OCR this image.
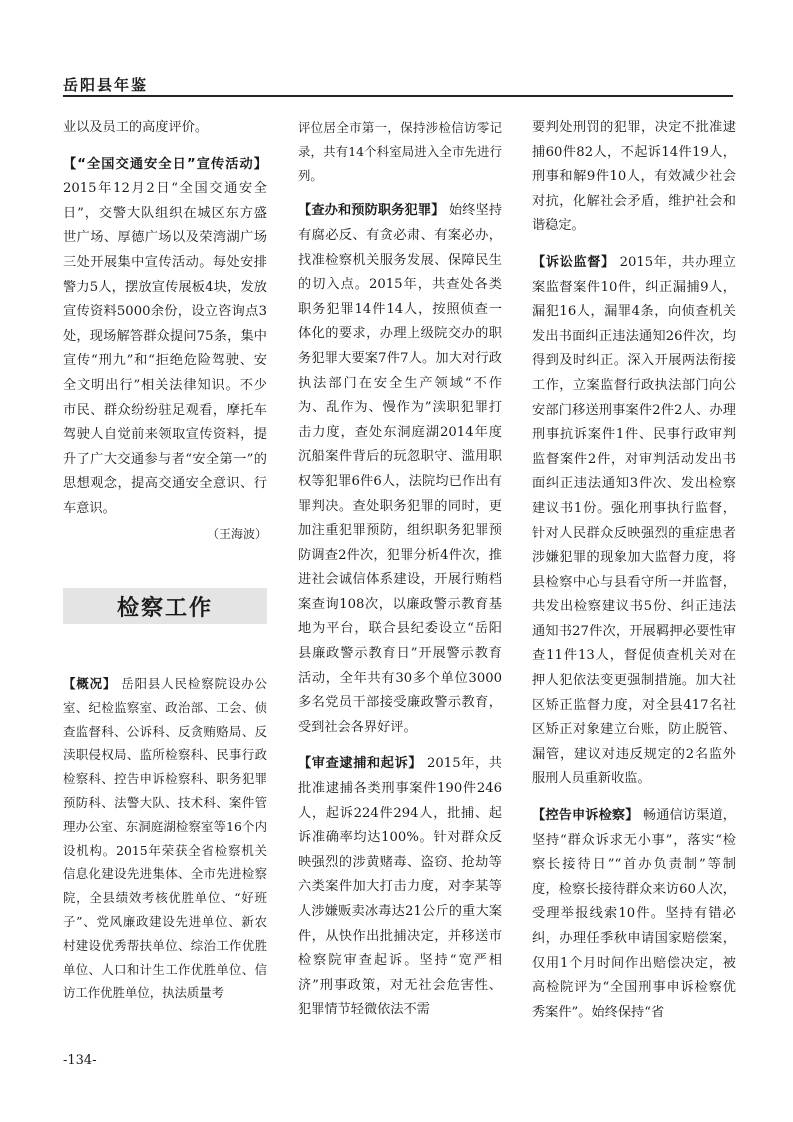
岳阳县年鉴

业以及员工的高度评价。

【“全国交通安全日”宣传活动】 2015年12月2日“全国交通安全日”，交警大队组织在城区东方盛世广场、厚德广场以及荣湾湖广场三处开展集中宣传活动。每处安排警力5人，摆放宣传展板4块，发放宣传资料5000余份，设立咨询点3处，现场解答群众提问75条，集中宣传“刑九”和“拒绝危险驾驶、安全文明出行”相关法律知识。不少市民、群众纷纷驻足观看，摩托车驾驶人自觉前来领取宣传资料，提升了广大交通参与者“安全第一”的思想观念，提高交通安全意识、行车意识。

（王海波）

检察工作

【概况】 岳阳县人民检察院设办公室、纪检监察室、政治部、工会、侦查监督科、公诉科、反贪贿赂局、反渎职侵权局、监所检察科、民事行政检察科、控告申诉检察科、职务犯罪预防科、法警大队、技术科、案件管理办公室、东洞庭湖检察室等16个内设机构。2015年荣获全省检察机关信息化建设先进集体、全市先进检察院，全县绩效考核优胜单位、“好班子”、党风廉政建设先进单位、新农村建设优秀帮扶单位、综治工作优胜单位、人口和计生工作优胜单位、信访工作优胜单位，执法质量考

评位居全市第一，保持涉检信访零记录，共有14个科室局进入全市先进行列。

【查办和预防职务犯罪】 始终坚持有腐必反、有贪必肃、有案必办，找准检察机关服务发展、保障民生的切入点。2015年，共查处各类职务犯罪14件14人，按照侦查一体化的要求，办理上级院交办的职务犯罪大要案7件7人。加大对行政执法部门在安全生产领域“不作为、乱作为、慢作为”渎职犯罪打击力度，查处东洞庭湖2014年度沉船案件背后的玩忽职守、滥用职权等犯罪6件6人，法院均已作出有罪判决。查处职务犯罪的同时，更加注重犯罪预防，组织职务犯罪预防调查2件次，犯罪分析4件次，推进社会诚信体系建设，开展行贿档案查询108次，以廉政警示教育基地为平台，联合县纪委设立“岳阳县廉政警示教育日”开展警示教育活动，全年共有30多个单位3000多名党员干部接受廉政警示教育，受到社会各界好评。

【审查逮捕和起诉】 2015年，共批准逮捕各类刑事案件190件246人，起诉224件294人，批捕、起诉准确率均达100%。针对群众反映强烈的涉黄赌毒、盗窃、抢劫等六类案件加大打击力度，对李某等人涉嫌贩卖冰毒达21公斤的重大案件，从快作出批捕决定，并移送市检察院审查起诉。坚持“宽严相济”刑事政策，对无社会危害性、犯罪情节轻微依法不需

要判处刑罚的犯罪，决定不批准逮捕60件82人，不起诉14件19人，刑事和解9件10人，有效减少社会对抗，化解社会矛盾，维护社会和谐稳定。

【诉讼监督】 2015年，共办理立案监督案件10件，纠正漏捕9人，漏犯16人，漏罪4条，向侦查机关发出书面纠正违法通知26件次，均得到及时纠正。深入开展两法衔接工作，立案监督行政执法部门向公安部门移送刑事案件2件2人、办理刑事抗诉案件1件、民事行政审判监督案件2件，对审判活动发出书面纠正违法通知3件次、发出检察建议书1份。强化刑事执行监督，针对人民群众反映强烈的重症患者涉嫌犯罪的现象加大监督力度，将县检察中心与县看守所一并监督，共发出检察建议书5份、纠正违法通知书27件次，开展羁押必要性审查11件13人，督促侦查机关对在押人犯依法变更强制措施。加大社区矫正监督力度，对全县417名社区矫正对象建立台账，防止脱管、漏管，建议对违反规定的2名监外服刑人员重新收监。

【控告申诉检察】 畅通信访渠道，坚持“群众诉求无小事”，落实“检察长接待日”“首办负责制”等制度，检察长接待群众来访60人次，受理举报线索10件。坚持有错必纠，办理任季秋申请国家赔偿案，仅用1个月时间作出赔偿决定，被高检院评为“全国刑事申诉检察优秀案件”。始终保持“省

-134-
